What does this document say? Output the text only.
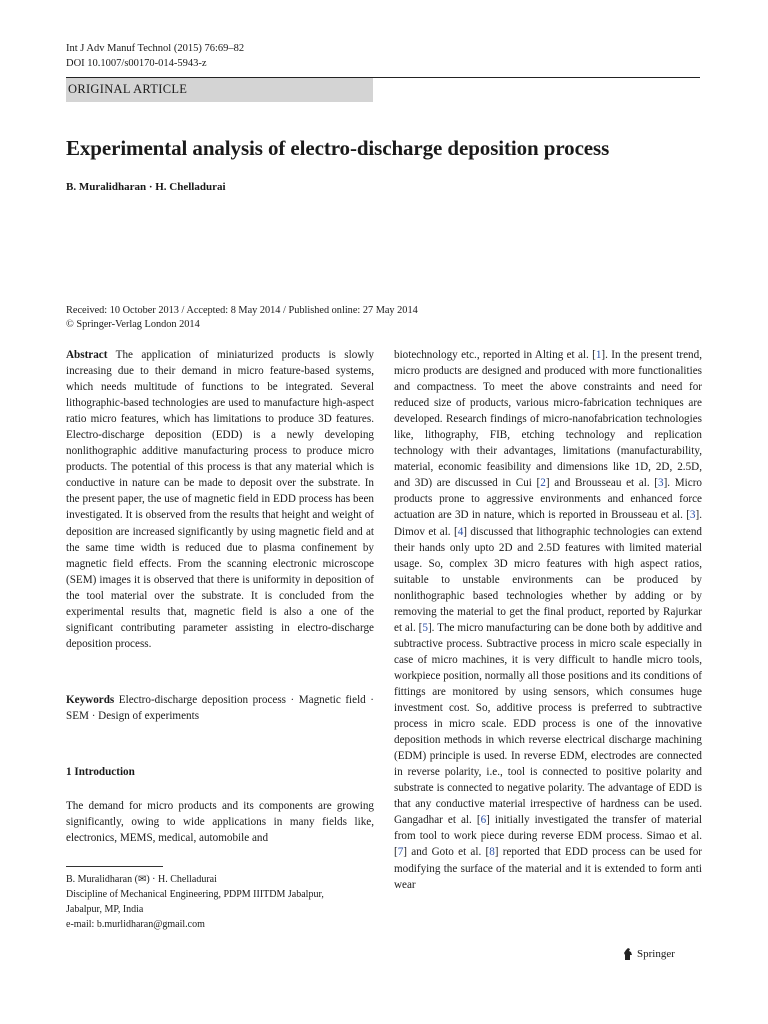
Int J Adv Manuf Technol (2015) 76:69–82
DOI 10.1007/s00170-014-5943-z
ORIGINAL ARTICLE
Experimental analysis of electro-discharge deposition process
B. Muralidharan · H. Chelladurai
Received: 10 October 2013 / Accepted: 8 May 2014 / Published online: 27 May 2014
© Springer-Verlag London 2014

Abstract The application of miniaturized products is slowly increasing due to their demand in micro feature-based systems, which needs multitude of functions to be integrated. Several lithographic-based technologies are used to manufacture high-aspect ratio micro features, which has limitations to produce 3D features. Electro-discharge deposition (EDD) is a newly developing nonlithographic additive manufacturing process to produce micro products. The potential of this process is that any material which is conductive in nature can be made to deposit over the substrate. In the present paper, the use of magnetic field in EDD process has been investigated. It is observed from the results that height and weight of deposition are increased significantly by using magnetic field and at the same time width is reduced due to plasma confinement by magnetic field effects. From the scanning electronic microscope (SEM) images it is observed that there is uniformity in deposition of the tool material over the substrate. It is concluded from the experimental results that, magnetic field is also a one of the significant contributing parameter assisting in electro-discharge deposition process.

Keywords Electro-discharge deposition process · Magnetic field · SEM · Design of experiments

1 Introduction

The demand for micro products and its components are growing significantly, owing to wide applications in many fields like, electronics, MEMS, medical, automobile and

B. Muralidharan (✉) · H. Chelladurai
Discipline of Mechanical Engineering, PDPM IIITDM Jabalpur,
Jabalpur, MP, India
e-mail: b.murlidharan@gmail.com

biotechnology etc., reported in Alting et al. [1]. In the present trend, micro products are designed and produced with more functionalities and compactness. To meet the above constraints and need for reduced size of products, various micro-fabrication techniques are developed. Research findings of micro-nanofabrication technologies like, lithography, FIB, etching technology and replication technology with their advantages, limitations (manufacturability, material, economic feasibility and dimensions like 1D, 2D, 2.5D, and 3D) are discussed in Cui [2] and Brousseau et al. [3]. Micro products prone to aggressive environments and enhanced force actuation are 3D in nature, which is reported in Brousseau et al. [3]. Dimov et al. [4] discussed that lithographic technologies can extend their hands only upto 2D and 2.5D features with limited material usage. So, complex 3D micro features with high aspect ratios, suitable to unstable environments can be produced by nonlithographic based technologies whether by adding or by removing the material to get the final product, reported by Rajurkar et al. [5]. The micro manufacturing can be done both by additive and subtractive process. Subtractive process in micro scale especially in case of micro machines, it is very difficult to handle micro tools, workpiece position, normally all those positions and its conditions of fittings are monitored by using sensors, which consumes huge investment cost. So, additive process is preferred to subtractive process in micro scale. EDD process is one of the innovative deposition methods in which reverse electrical discharge machining (EDM) principle is used. In reverse EDM, electrodes are connected in reverse polarity, i.e., tool is connected to positive polarity and substrate is connected to negative polarity. The advantage of EDD is that any conductive material irrespective of hardness can be used. Gangadhar et al. [6] initially investigated the transfer of material from tool to work piece during reverse EDM process. Simao et al. [7] and Goto et al. [8] reported that EDD process can be used for modifying the surface of the material and it is extended to form anti wear

Springer
